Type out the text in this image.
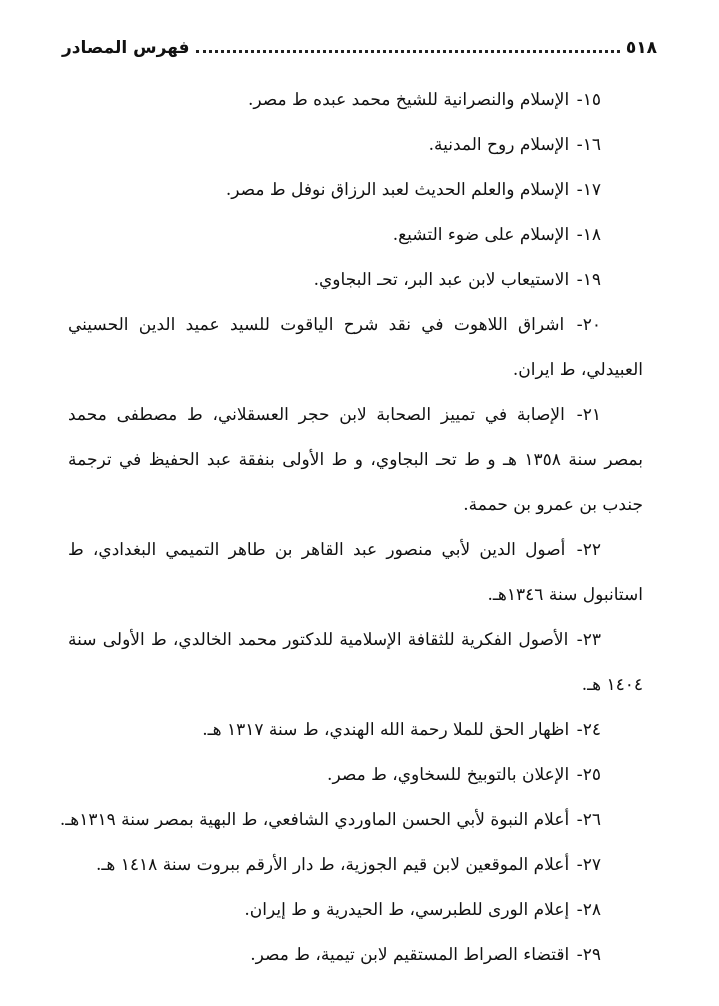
٥١٨
فهرس المصادر

١٥- الإسلام والنصرانية للشيخ محمد عبده ط مصر.

١٦- الإسلام روح المدنية.

١٧- الإسلام والعلم الحديث لعبد الرزاق نوفل ط مصر.

١٨- الإسلام على ضوء التشيع.

١٩- الاستيعاب لابن عبد البر، تحـ البجاوي.

٢٠- اشراق اللاهوت في نقد شرح الياقوت للسيد عميد الدين الحسيني العبيدلي، ط ايران.

٢١- الإصابة في تمييز الصحابة لابن حجر العسقلاني، ط مصطفى محمد بمصر سنة ١٣٥٨ هـ و ط تحـ البجاوي، و ط الأولى بنفقة عبد الحفيظ في ترجمة جندب بن عمرو بن حممة.

٢٢- أصول الدين لأبي منصور عبد القاهر بن طاهر التميمي البغدادي، ط استانبول سنة ١٣٤٦هـ.

٢٣- الأصول الفكرية للثقافة الإسلامية للدكتور محمد الخالدي، ط الأولى سنة ١٤٠٤ هـ.

٢٤- اظهار الحق للملا رحمة الله الهندي، ط سنة ١٣١٧ هـ.

٢٥- الإعلان بالتوبيخ للسخاوي، ط مصر.

٢٦- أعلام النبوة لأبي الحسن الماوردي الشافعي، ط البهية بمصر سنة ١٣١٩هـ.

٢٧- أعلام الموقعين لابن قيم الجوزية، ط دار الأرقم ببروت سنة ١٤١٨ هـ.

٢٨- إعلام الورى للطبرسي، ط الحيدرية و ط إيران.

٢٩- اقتضاء الصراط المستقيم لابن تيمية، ط مصر.
